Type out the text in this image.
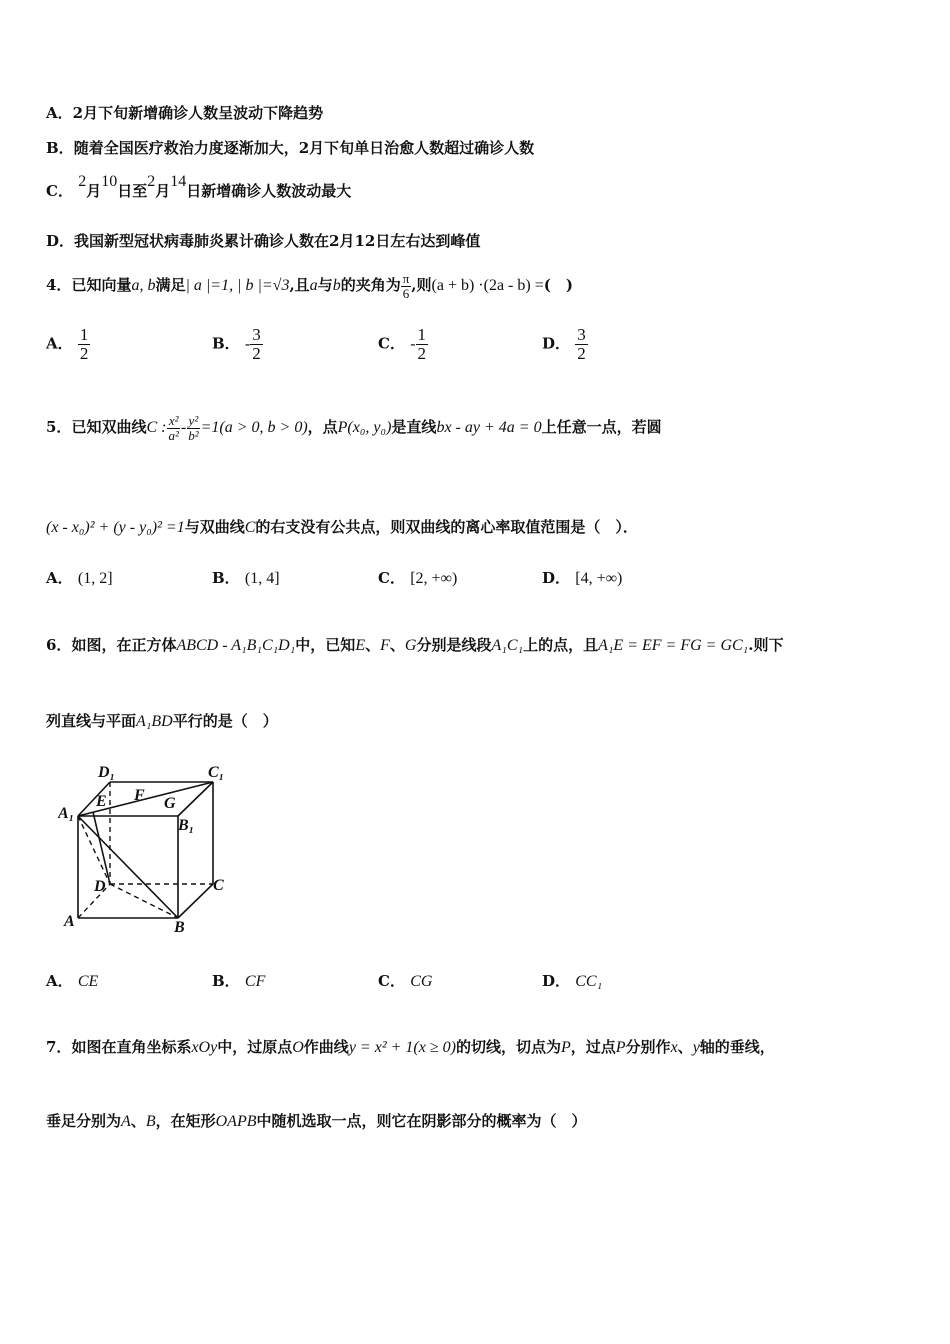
A．2月下旬新增确诊人数呈波动下降趋势
B．随着全国医疗救治力度逐渐加大，2月下旬单日治愈人数超过确诊人数
C． 2月10日至2月14日新增确诊人数波动最大
D．我国新型冠状病毒肺炎累计确诊人数在2月12日左右达到峰值
4．已知向量a, b满足| a |=1, | b |=√3,且a与b的夹角为 $\frac{\pi}{6}$ ,则(a + b) ·(2a - b) =(　)
A． $\frac{1}{2}$	B． - $\frac{3}{2}$	C． - $\frac{1}{2}$	D． $\frac{3}{2}$
5．已知双曲线C : $\frac{\text{x²}}{\text{a²}} - \frac{\text{y²}}{\text{b²}} =1(a > 0$, b > 0)，点P(x₀, y₀)是直线bx - ay + 4a = 0上任意一点，若圆
(x - x₀)² + (y - y₀)² =1与双曲线C的右支没有公共点，则双曲线的离心率取值范围是（　）．
A． (1, 2]	B． (1, 4]	C． [2, +∞)	D． [4, +∞)
6．如图，在正方体ABCD - A₁B₁C₁D₁中，已知E、F、G分别是线段A₁C₁上的点，且A₁E = EF = FG = GC₁.则下
列直线与平面A₁BD平行的是（　）
D₁	C₁
A₁
B₁
E F G
D	C
A	B
A． CE	B． CF	C． CG	D． CC₁
7．如图在直角坐标系xOy中，过原点O作曲线y = x² + 1(x ≥ 0)的切线，切点为P，过点P分别作x、y轴的垂线，
垂足分别为A、B，在矩形OAPB中随机选取一点，则它在阴影部分的概率为（　）
